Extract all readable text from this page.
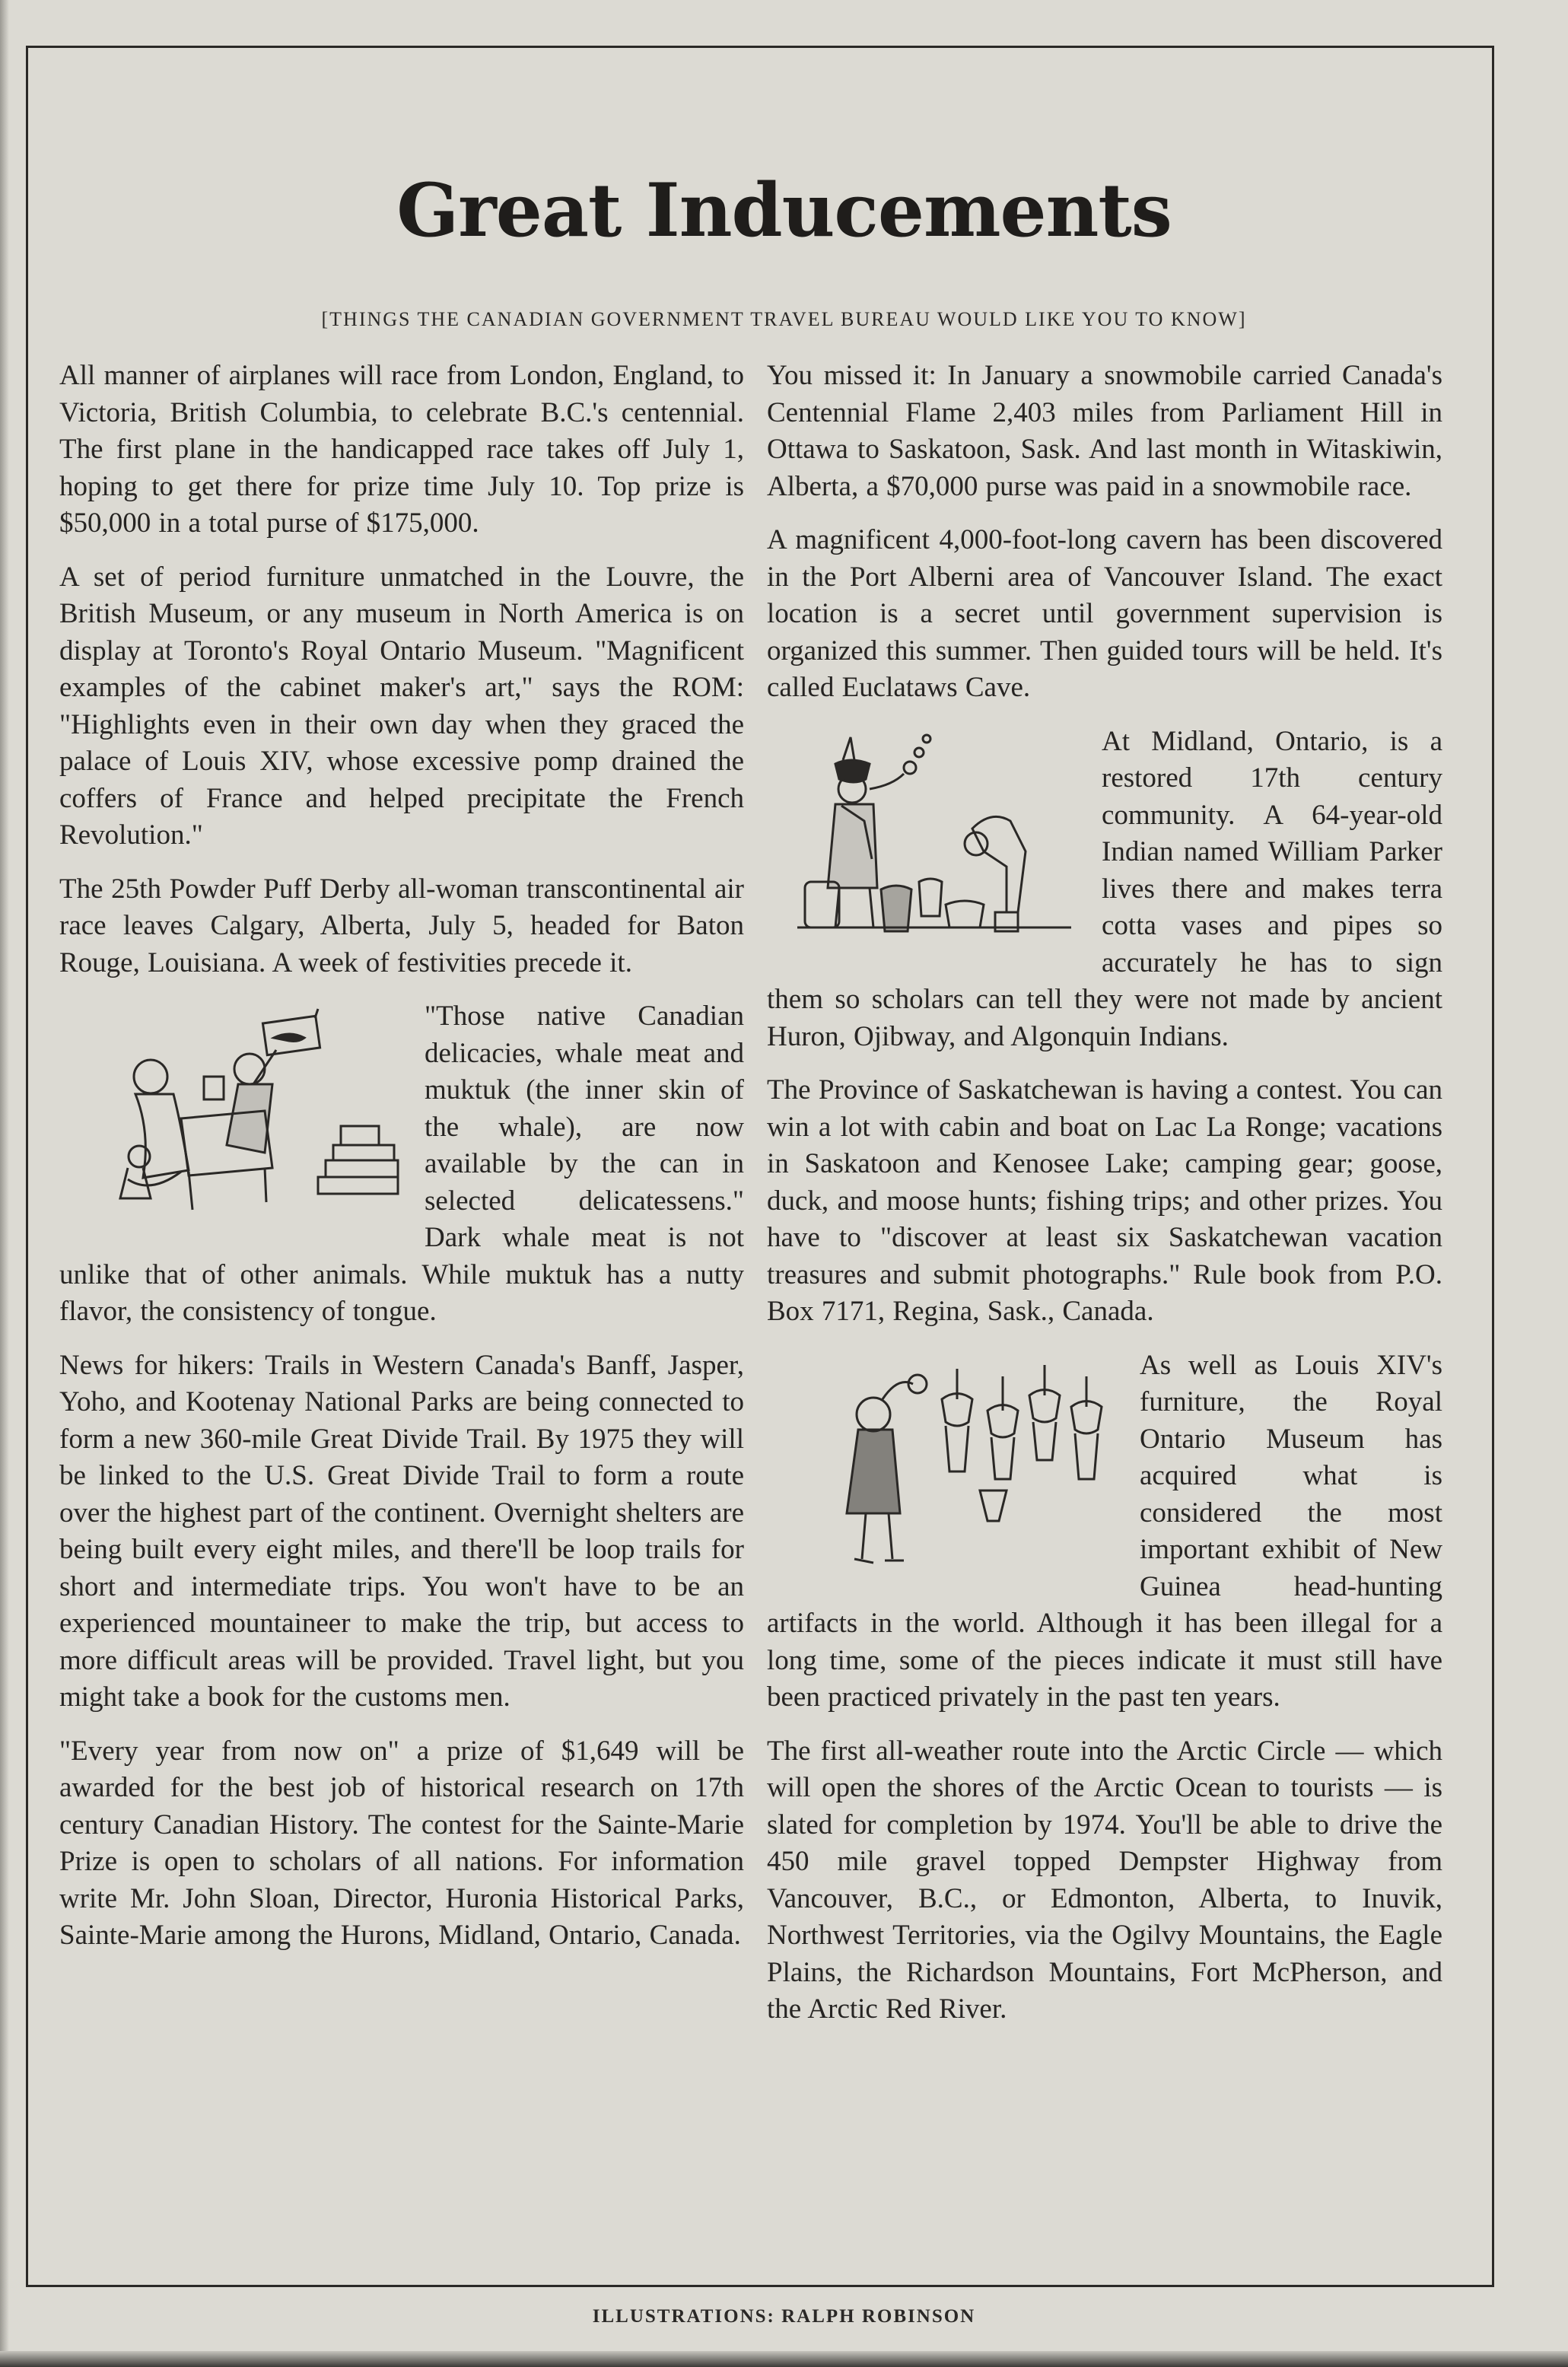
Great Inducements
[THINGS THE CANADIAN GOVERNMENT TRAVEL BUREAU WOULD LIKE YOU TO KNOW]

All manner of airplanes will race from London, England, to Victoria, British Columbia, to celebrate B.C.'s centennial. The first plane in the handicapped race takes off July 1, hoping to get there for prize time July 10. Top prize is $50,000 in a total purse of $175,000.

A set of period furniture unmatched in the Louvre, the British Museum, or any museum in North America is on display at Toronto's Royal Ontario Museum. "Magnificent examples of the cabinet maker's art," says the ROM: "Highlights even in their own day when they graced the palace of Louis XIV, whose excessive pomp drained the coffers of France and helped precipitate the French Revolution."

The 25th Powder Puff Derby all-woman transcontinental air race leaves Calgary, Alberta, July 5, headed for Baton Rouge, Louisiana. A week of festivities precede it.

"Those native Canadian delicacies, whale meat and muktuk (the inner skin of the whale), are now available by the can in selected delicatessens." Dark whale meat is not unlike that of other animals. While muktuk has a nutty flavor, the consistency of tongue.

News for hikers: Trails in Western Canada's Banff, Jasper, Yoho, and Kootenay National Parks are being connected to form a new 360-mile Great Divide Trail. By 1975 they will be linked to the U.S. Great Divide Trail to form a route over the highest part of the continent. Overnight shelters are being built every eight miles, and there'll be loop trails for short and intermediate trips. You won't have to be an experienced mountaineer to make the trip, but access to more difficult areas will be provided. Travel light, but you might take a book for the customs men.

"Every year from now on" a prize of $1,649 will be awarded for the best job of historical research on 17th century Canadian History. The contest for the Sainte-Marie Prize is open to scholars of all nations. For information write Mr. John Sloan, Director, Huronia Historical Parks, Sainte-Marie among the Hurons, Midland, Ontario, Canada.

You missed it: In January a snowmobile carried Canada's Centennial Flame 2,403 miles from Parliament Hill in Ottawa to Saskatoon, Sask. And last month in Witaskiwin, Alberta, a $70,000 purse was paid in a snowmobile race.

A magnificent 4,000-foot-long cavern has been discovered in the Port Alberni area of Vancouver Island. The exact location is a secret until government supervision is organized this summer. Then guided tours will be held. It's called Euclataws Cave.

At Midland, Ontario, is a restored 17th century community. A 64-year-old Indian named William Parker lives there and makes terra cotta vases and pipes so accurately he has to sign them so scholars can tell they were not made by ancient Huron, Ojibway, and Algonquin Indians.

The Province of Saskatchewan is having a contest. You can win a lot with cabin and boat on Lac La Ronge; vacations in Saskatoon and Kenosee Lake; camping gear; goose, duck, and moose hunts; fishing trips; and other prizes. You have to "discover at least six Saskatchewan vacation treasures and submit photographs." Rule book from P.O. Box 7171, Regina, Sask., Canada.

As well as Louis XIV's furniture, the Royal Ontario Museum has acquired what is considered the most important exhibit of New Guinea head-hunting artifacts in the world. Although it has been illegal for a long time, some of the pieces indicate it must still have been practiced privately in the past ten years.

The first all-weather route into the Arctic Circle — which will open the shores of the Arctic Ocean to tourists — is slated for completion by 1974. You'll be able to drive the 450 mile gravel topped Dempster Highway from Vancouver, B.C., or Edmonton, Alberta, to Inuvik, Northwest Territories, via the Ogilvy Mountains, the Eagle Plains, the Richardson Mountains, Fort McPherson, and the Arctic Red River.

ILLUSTRATIONS: RALPH ROBINSON
